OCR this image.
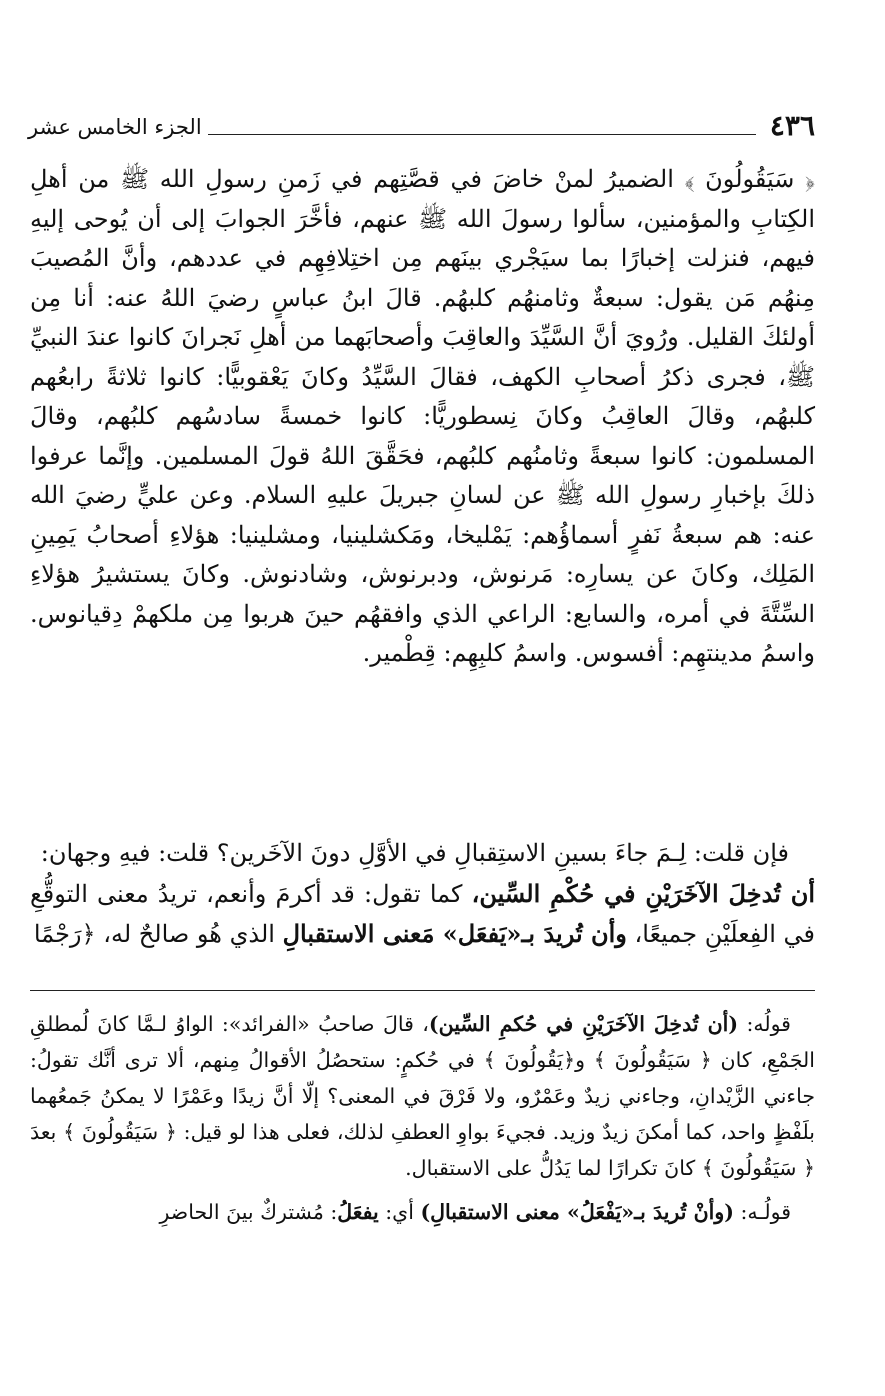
٤٣٦
الجزء الخامس عشر

﴿ سَيَقُولُونَ ﴾ الضميرُ لمنْ خاضَ في قصَّتِهم في زَمنِ رسولِ الله ﷺ من أهلِ الكِتابِ والمؤمنين، سألوا رسولَ الله ﷺ عنهم، فأخَّرَ الجوابَ إلى أن يُوحى إليهِ فيهم، فنزلت إخبارًا بما سيَجْري بينَهم مِن اختِلافِهِم في عددهم، وأنَّ المُصيبَ مِنهُم مَن يقول: سبعةٌ وثامنهُم كلبهُم. قالَ ابنُ عباسٍ رضيَ اللهُ عنه: أنا مِن أولئكَ القليل. ورُويَ أنَّ السَّيِّدَ والعاقِبَ وأصحابَهما من أهلِ نَجرانَ كانوا عندَ النبيِّ ﷺ، فجرى ذكرُ أصحابِ الكهف، فقالَ السَّيِّدُ وكانَ يَعْقوبيًّا: كانوا ثلاثةً رابعُهم كلبهُم، وقالَ العاقِبُ وكانَ نِسطوريًّا: كانوا خمسةً سادسُهم كلبُهم، وقالَ المسلمون: كانوا سبعةً وثامنُهم كلبُهم، فحَقَّقَ اللهُ قولَ المسلمين. وإنَّما عرفوا ذلكَ بإخبارِ رسولِ الله ﷺ عن لسانِ جبريلَ عليهِ السلام. وعن عليٍّ رضيَ الله عنه: هم سبعةُ نَفرٍ أسماؤُهم: يَمْليخا، ومَكشلينيا، ومشلينيا: هؤلاءِ أصحابُ يَمِينِ المَلِك، وكانَ عن يسارِه: مَرنوش، ودبرنوش، وشادنوش. وكانَ يستشيرُ هؤلاءِ السِّتَّةَ في أمره، والسابع: الراعي الذي وافقهُم حينَ هربوا مِن ملكهمْ دِقيانوس. واسمُ مدينتهِم: أفسوس. واسمُ كلبِهِم: قِطْمير.

فإن قلت: لِـمَ جاءَ بسينِ الاستِقبالِ في الأوَّلِ دونَ الآخَرين؟ قلت: فيهِ وجهان:
أن تُدخِلَ الآخَرَيْنِ في حُكْمِ السِّين، كما تقول: قد أكرمَ وأنعم، تريدُ معنى التوقُّعِ في الفِعلَيْنِ جميعًا، وأن تُريدَ بـ«يَفعَل» مَعنى الاستقبالِ الذي هُو صالحٌ له، ﴿رَجْمًا

قولُه: (أن تُدخِلَ الآخَرَيْنِ في حُكمِ السِّين)، قالَ صاحبُ «الفرائد»: الواوُ لـمَّا كانَ لُمطلقِ الجَمْعِ، كان ﴿ سَيَقُولُونَ ﴾ و﴿يَقُولُونَ ﴾ في حُكمٍ: ستحصُلُ الأقوالُ مِنهم، ألا ترى أنَّك تقولُ: جاءني الزَّيْدانِ، وجاءني زيدٌ وعَمْرٌو، ولا فَرْقَ في المعنى؟ إلّا أنَّ زيدًا وعَمْرًا لا يمكنُ جَمعُهما بلَفْظٍ واحد، كما أمكنَ زيدٌ وزيد. فجيءَ بواوِ العطفِ لذلك، فعلى هذا لو قيل: ﴿ سَيَقُولُونَ ﴾ بعدَ ﴿ سَيَقُولُونَ ﴾ كانَ تكرارًا لما يَدُلُّ على الاستقبال.

قولُـه: (وأنْ تُريدَ بـ«يَفْعَلُ» معنى الاستقبالِ) أي: يفعَلُ: مُشتركٌ بينَ الحاضرِ
